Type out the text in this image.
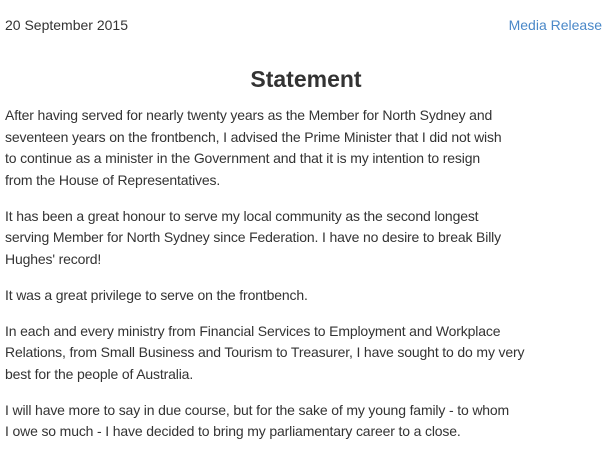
20 September 2015	Media Release
Statement

After having served for nearly twenty years as the Member for North Sydney and
seventeen years on the frontbench, I advised the Prime Minister that I did not wish
to continue as a minister in the Government and that it is my intention to resign
from the House of Representatives.

It has been a great honour to serve my local community as the second longest
serving Member for North Sydney since Federation. I have no desire to break Billy
Hughes' record!

It was a great privilege to serve on the frontbench.

In each and every ministry from Financial Services to Employment and Workplace
Relations, from Small Business and Tourism to Treasurer, I have sought to do my very
best for the people of Australia.

I will have more to say in due course, but for the sake of my young family - to whom
I owe so much - I have decided to bring my parliamentary career to a close.
